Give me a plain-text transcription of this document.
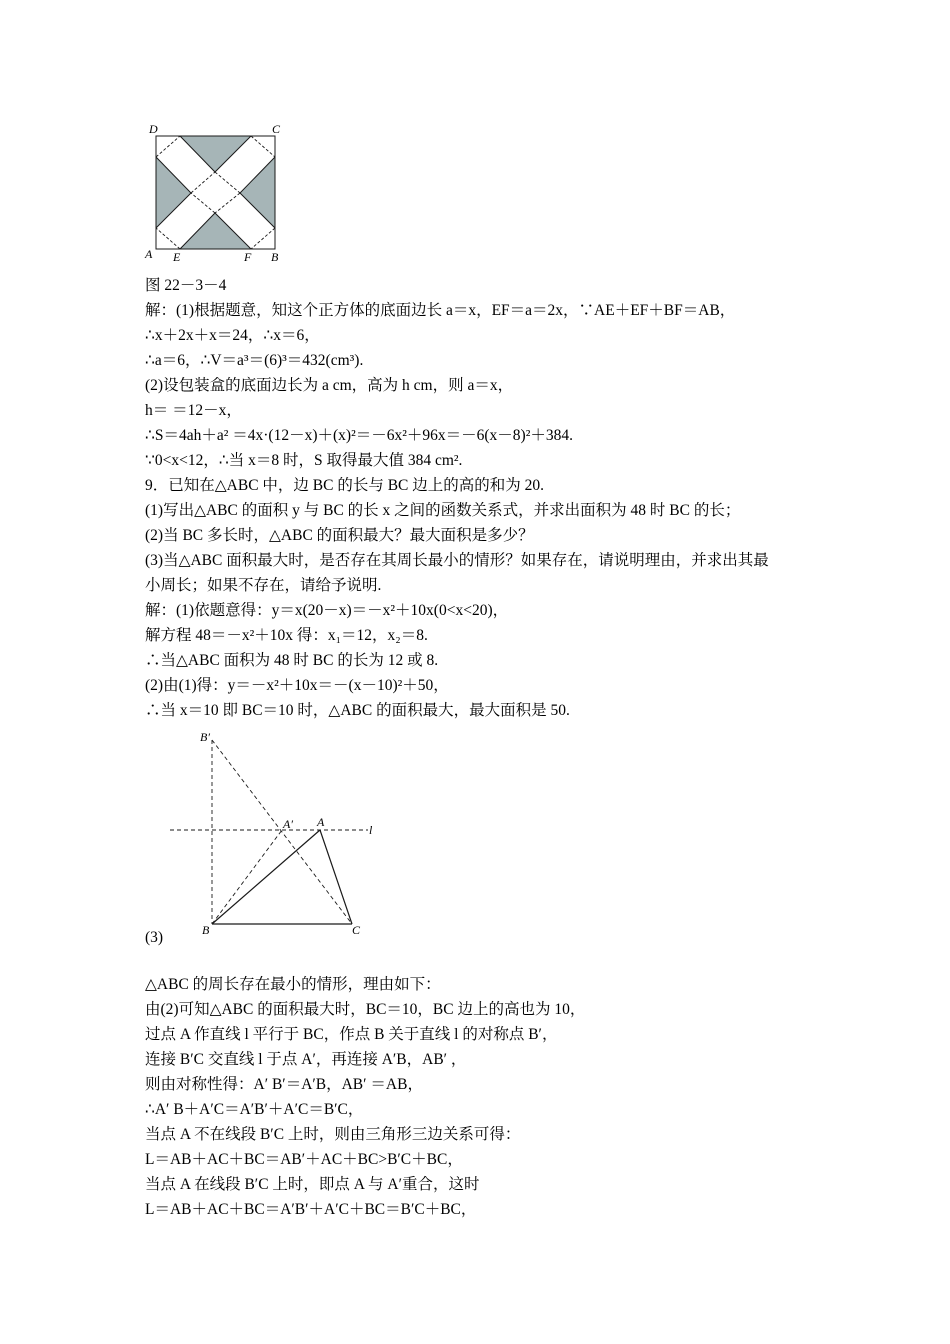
D	C
A E	F B
图 22－3－4
解：(1)根据题意，知这个正方体的底面边长 a＝x，EF＝a＝2x，∵AE＋EF＋BF＝AB，
∴x＋2x＋x＝24，∴x＝6，
∴a＝6，∴V＝a³＝(6)³＝432(cm³).
(2)设包装盒的底面边长为 a cm，高为 h cm，则 a＝x，
h＝ ＝12－x，
∴S＝4ah＋a² ＝4x·(12－x)＋(x)²＝－6x²＋96x＝－6(x－8)²＋384.
∵0<x<12，∴当 x＝8 时，S 取得最大值 384 cm².
9．已知在△ABC 中，边 BC 的长与 BC 边上的高的和为 20.
(1)写出△ABC 的面积 y 与 BC 的长 x 之间的函数关系式，并求出面积为 48 时 BC 的长；
(2)当 BC 多长时，△ABC 的面积最大？最大面积是多少？
(3)当△ABC 面积最大时，是否存在其周长最小的情形？如果存在，请说明理由，并求出其最
小周长；如果不存在，请给予说明.
解：(1)依题意得：y＝x(20－x)＝－x²＋10x(0<x<20)，
解方程 48＝－x²＋10x 得：x₁＝12，x₂＝8.
∴当△ABC 面积为 48 时 BC 的长为 12 或 8.
(2)由(1)得：y＝－x²＋10x＝－(x－10)²＋50，
∴当 x＝10 即 BC＝10 时，△ABC 的面积最大，最大面积是 50.
B′
A′ A
l
B	C
(3)
△ABC 的周长存在最小的情形，理由如下：
由(2)可知△ABC 的面积最大时，BC＝10，BC 边上的高也为 10，
过点 A 作直线 l 平行于 BC，作点 B 关于直线 l 的对称点 B′，
连接 B′C 交直线 l 于点 A′，再连接 A′B，AB′ ，
则由对称性得：A′ B′＝A′B，AB′ ＝AB，
∴A′ B＋A′C＝A′B′＋A′C＝B′C，
当点 A 不在线段 B′C 上时，则由三角形三边关系可得：
L＝AB＋AC＋BC＝AB′＋AC＋BC>B′C＋BC，
当点 A 在线段 B′C 上时，即点 A 与 A′重合，这时
L＝AB＋AC＋BC＝A′B′＋A′C＋BC＝B′C＋BC，
